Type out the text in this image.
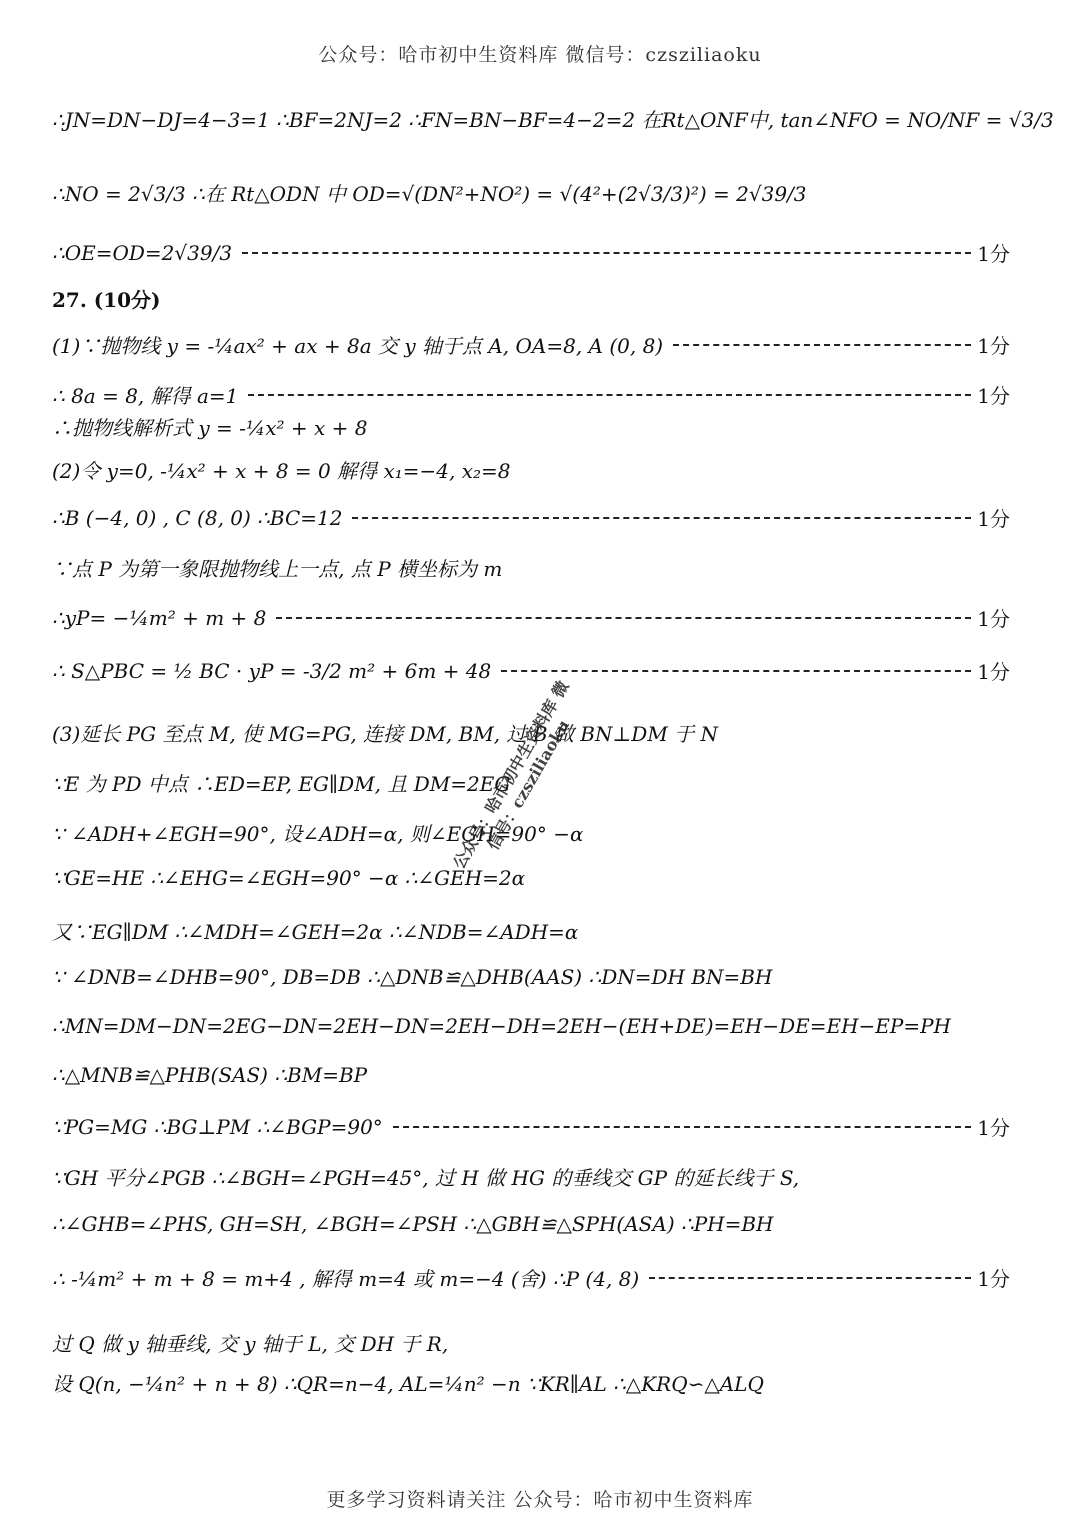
公众号：哈市初中生资料库 微信号：czsziliaoku
∴JN=DN−DJ=4−3=1 ∴BF=2NJ=2 ∴FN=BN−BF=4−2=2 在Rt△ONF中, tan∠NFO = NO/NF = √3/3
∴NO = 2√3/3 ∴在 Rt△ODN 中 OD=√(DN²+NO²) = √(4²+(2√3/3)²) = 2√39/3
∴OE=OD=2√39/3	1分
27. (10分)
(1)∵抛物线 y = -¼ax² + ax + 8a 交 y 轴于点 A, OA=8, A (0, 8)	1分
∴ 8a = 8, 解得 a=1	1分
∴抛物线解析式 y = -¼x² + x + 8
(2)令 y=0, -¼x² + x + 8 = 0 解得 x₁=−4, x₂=8
∴B (−4, 0) , C (8, 0) ∴BC=12	1分
∵点 P 为第一象限抛物线上一点, 点 P 横坐标为 m
∴yP= −¼m² + m + 8	1分
∴ S△PBC = ½ BC · yP = -3/2 m² + 6m + 48	1分
(3)延长 PG 至点 M, 使 MG=PG, 连接 DM, BM, 过 B 做 BN⊥DM 于 N
∵E 为 PD 中点 ∴ED=EP, EG∥DM, 且 DM=2EG
∵ ∠ADH+∠EGH=90°, 设∠ADH=α, 则∠EGH=90° −α
∵GE=HE ∴∠EHG=∠EGH=90° −α ∴∠GEH=2α
又∵EG∥DM ∴∠MDH=∠GEH=2α ∴∠NDB=∠ADH=α
∵ ∠DNB=∠DHB=90°, DB=DB ∴△DNB≌△DHB(AAS) ∴DN=DH BN=BH
∴MN=DM−DN=2EG−DN=2EH−DN=2EH−DH=2EH−(EH+DE)=EH−DE=EH−EP=PH
∴△MNB≌△PHB(SAS) ∴BM=BP
∵PG=MG ∴BG⊥PM ∴∠BGP=90°	1分
∵GH 平分∠PGB ∴∠BGH=∠PGH=45°, 过 H 做 HG 的垂线交 GP 的延长线于 S,
∴∠GHB=∠PHS, GH=SH, ∠BGH=∠PSH ∴△GBH≌△SPH(ASA) ∴PH=BH
∴ -¼m² + m + 8 = m+4 , 解得 m=4 或 m=−4 (舍) ∴P (4, 8)	1分
过 Q 做 y 轴垂线, 交 y 轴于 L, 交 DH 于 R,
设 Q(n, −¼n² + n + 8) ∴QR=n−4, AL=¼n² −n ∵KR∥AL ∴△KRQ∽△ALQ
公众号：哈市初中生资料库 微信号：czsziliaoku
更多学习资料请关注 公众号：哈市初中生资料库
